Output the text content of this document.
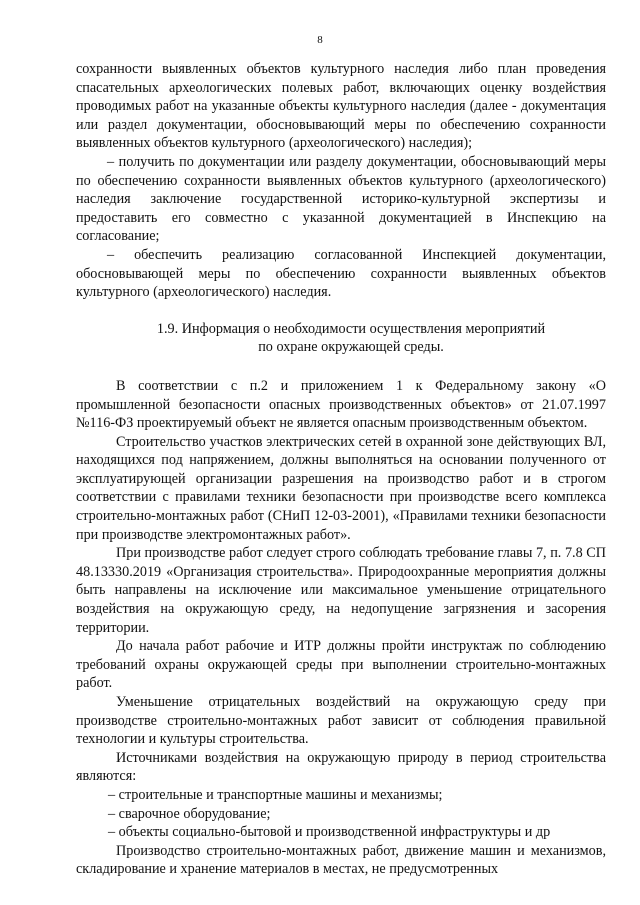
8

сохранности выявленных объектов культурного наследия либо план проведения спасательных археологических полевых работ, включающих оценку воздействия проводимых работ на указанные объекты культурного наследия (далее - документация или раздел документации, обосновывающий меры по обеспечению сохранности выявленных объектов культурного (археологического) наследия);

– получить по документации или разделу документации, обосновывающий меры по обеспечению сохранности выявленных объектов культурного (археологического) наследия заключение государственной историко-культурной экспертизы и предоставить его совместно с указанной документацией в Инспекцию на согласование;

– обеспечить реализацию согласованной Инспекцией документации, обосновывающей меры по обеспечению сохранности выявленных объектов культурного (археологического) наследия.

1.9. Информация о необходимости осуществления мероприятий
по охране окружающей среды.

В соответствии с п.2 и приложением 1 к Федеральному закону «О промышленной безопасности опасных производственных объектов» от 21.07.1997 №116-ФЗ проектируемый объект не является опасным производственным объектом.

Строительство участков электрических сетей в охранной зоне действующих ВЛ, находящихся под напряжением, должны выполняться на основании полученного от эксплуатирующей организации разрешения на производство работ и в строгом соответствии с правилами техники безопасности при производстве всего комплекса строительно-монтажных работ (СНиП 12-03-2001), «Правилами техники безопасности при производстве электромонтажных работ».

При производстве работ следует строго соблюдать требование главы 7, п. 7.8 СП 48.13330.2019 «Организация строительства». Природоохранные мероприятия должны быть направлены на исключение или максимальное уменьшение отрицательного воздействия на окружающую среду, на недопущение загрязнения и засорения территории.

До начала работ рабочие и ИТР должны пройти инструктаж по соблюдению требований охраны окружающей среды при выполнении строительно-монтажных работ.

Уменьшение отрицательных воздействий на окружающую среду при производстве строительно-монтажных работ зависит от соблюдения правильной технологии и культуры строительства.

Источниками воздействия на окружающую природу в период строительства являются:

– строительные и транспортные машины и механизмы;
– сварочное оборудование;
– объекты социально-бытовой и производственной инфраструктуры и др

Производство строительно-монтажных работ, движение машин и механизмов, складирование и хранение материалов в местах, не предусмотренных
